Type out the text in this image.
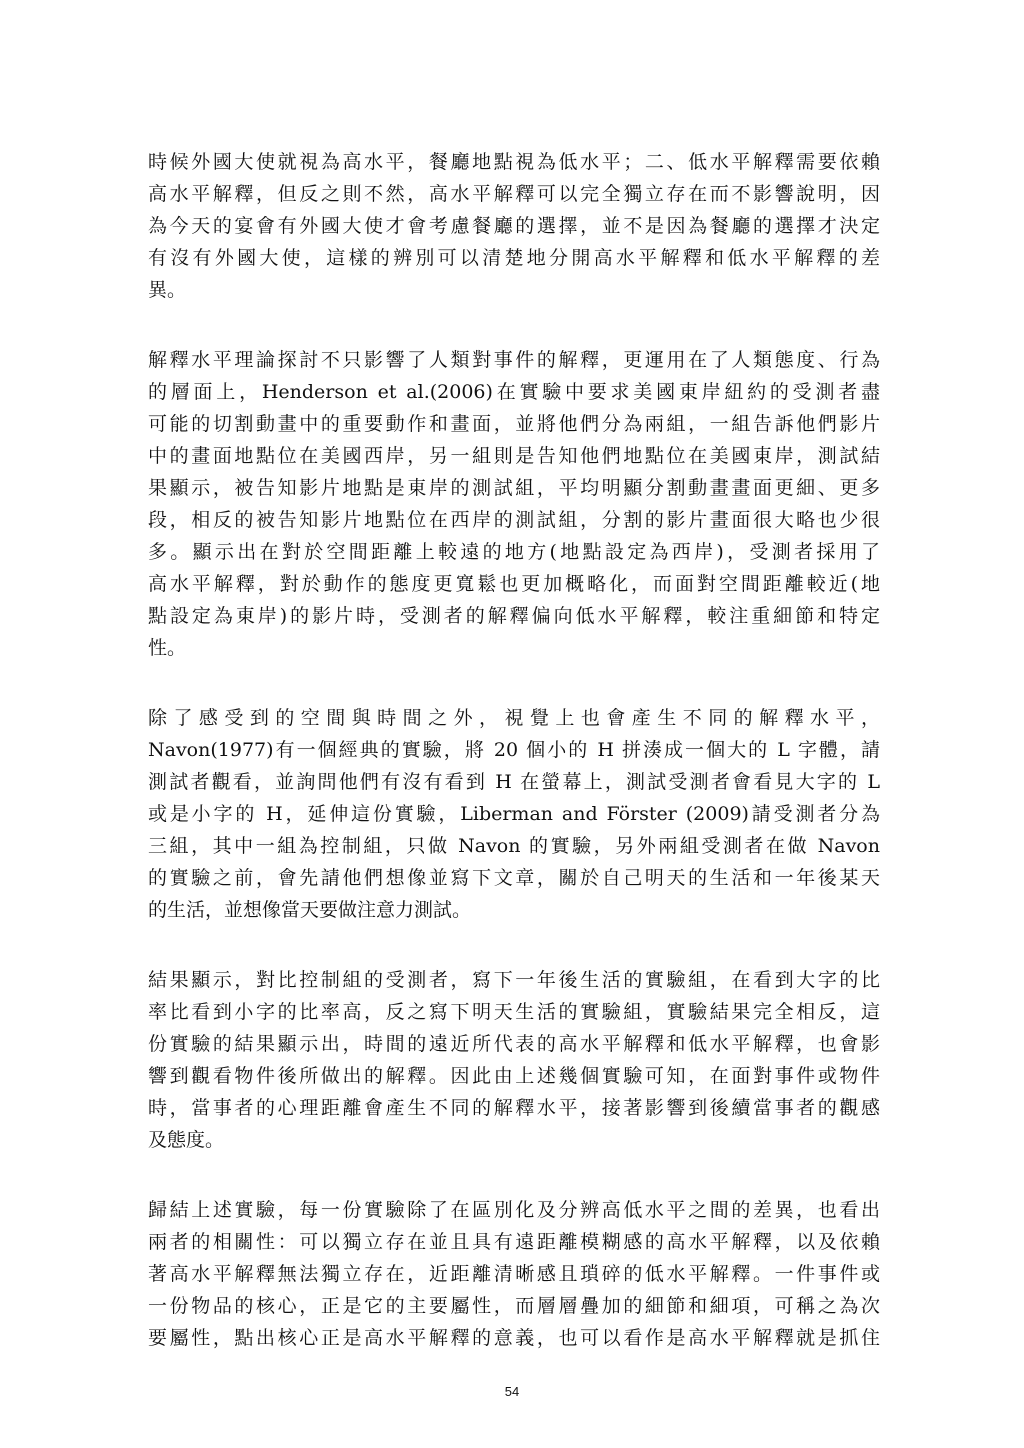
時候外國大使就視為高水平，餐廳地點視為低水平；二、低水平解釋需要依賴
高水平解釋，但反之則不然，高水平解釋可以完全獨立存在而不影響說明，因
為今天的宴會有外國大使才會考慮餐廳的選擇，並不是因為餐廳的選擇才決定
有沒有外國大使，這樣的辨別可以清楚地分開高水平解釋和低水平解釋的差
異。

解釋水平理論探討不只影響了人類對事件的解釋，更運用在了人類態度、行為
的層面上，Henderson et al.(2006)在實驗中要求美國東岸紐約的受測者盡
可能的切割動畫中的重要動作和畫面，並將他們分為兩組，一組告訴他們影片
中的畫面地點位在美國西岸，另一組則是告知他們地點位在美國東岸，測試結
果顯示，被告知影片地點是東岸的測試組，平均明顯分割動畫畫面更細、更多
段，相反的被告知影片地點位在西岸的測試組，分割的影片畫面很大略也少很
多。顯示出在對於空間距離上較遠的地方(地點設定為西岸)，受測者採用了
高水平解釋，對於動作的態度更寬鬆也更加概略化，而面對空間距離較近(地
點設定為東岸)的影片時，受測者的解釋偏向低水平解釋，較注重細節和特定
性。

除了感受到的空間與時間之外，視覺上也會產生不同的解釋水平，
Navon(1977)有一個經典的實驗，將 20 個小的 H 拼湊成一個大的 L 字體，請
測試者觀看，並詢問他們有沒有看到 H 在螢幕上，測試受測者會看見大字的 L
或是小字的 H，延伸這份實驗，Liberman and Förster (2009)請受測者分為
三組，其中一組為控制組，只做 Navon 的實驗，另外兩組受測者在做 Navon
的實驗之前，會先請他們想像並寫下文章，關於自己明天的生活和一年後某天
的生活，並想像當天要做注意力測試。

結果顯示，對比控制組的受測者，寫下一年後生活的實驗組，在看到大字的比
率比看到小字的比率高，反之寫下明天生活的實驗組，實驗結果完全相反，這
份實驗的結果顯示出，時間的遠近所代表的高水平解釋和低水平解釋，也會影
響到觀看物件後所做出的解釋。因此由上述幾個實驗可知，在面對事件或物件
時，當事者的心理距離會產生不同的解釋水平，接著影響到後續當事者的觀感
及態度。

歸結上述實驗，每一份實驗除了在區別化及分辨高低水平之間的差異，也看出
兩者的相關性：可以獨立存在並且具有遠距離模糊感的高水平解釋，以及依賴
著高水平解釋無法獨立存在，近距離清晰感且瑣碎的低水平解釋。一件事件或
一份物品的核心，正是它的主要屬性，而層層疊加的細節和細項，可稱之為次
要屬性，點出核心正是高水平解釋的意義，也可以看作是高水平解釋就是抓住

54
